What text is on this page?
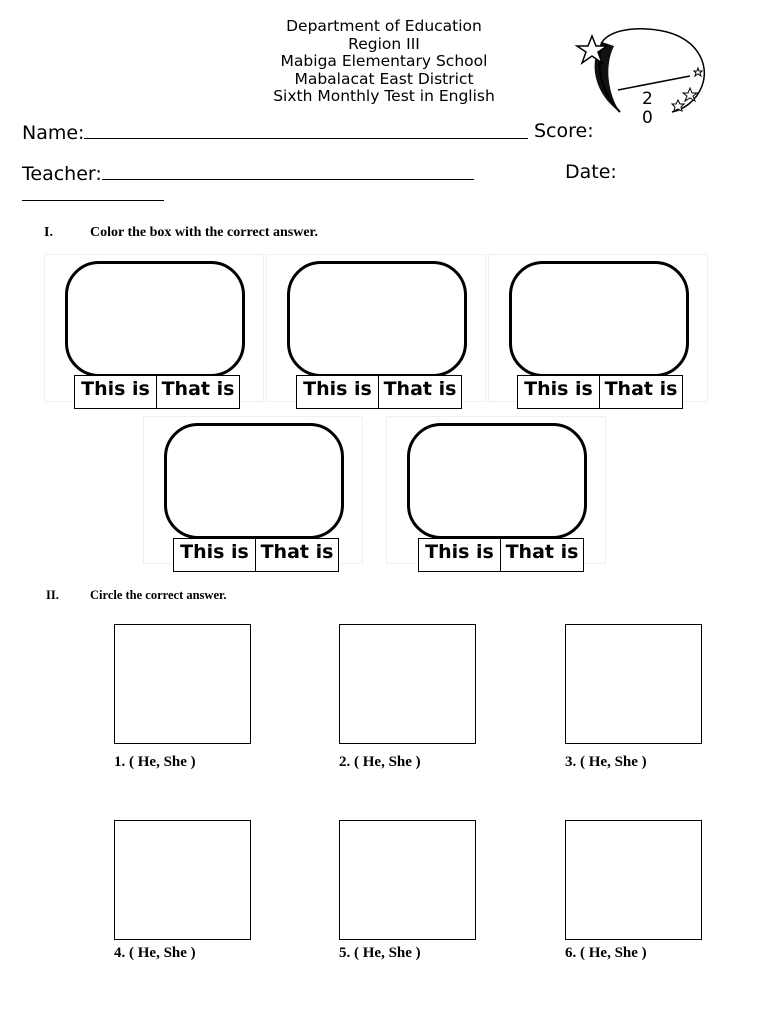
Department of Education
Region III
Mabiga Elementary School
Mabalacat East District
Sixth Monthly Test in English	2
0
Name:	Score:
Teacher:	Date:
I.	Color the box with the correct answer.
This is That is	This is That is	This is That is
This is That is	This is That is
II. Circle the correct answer.
1. ( He, She )	2. ( He, She )	3. ( He, She )
4. ( He, She )	5. ( He, She )	6. ( He, She )
